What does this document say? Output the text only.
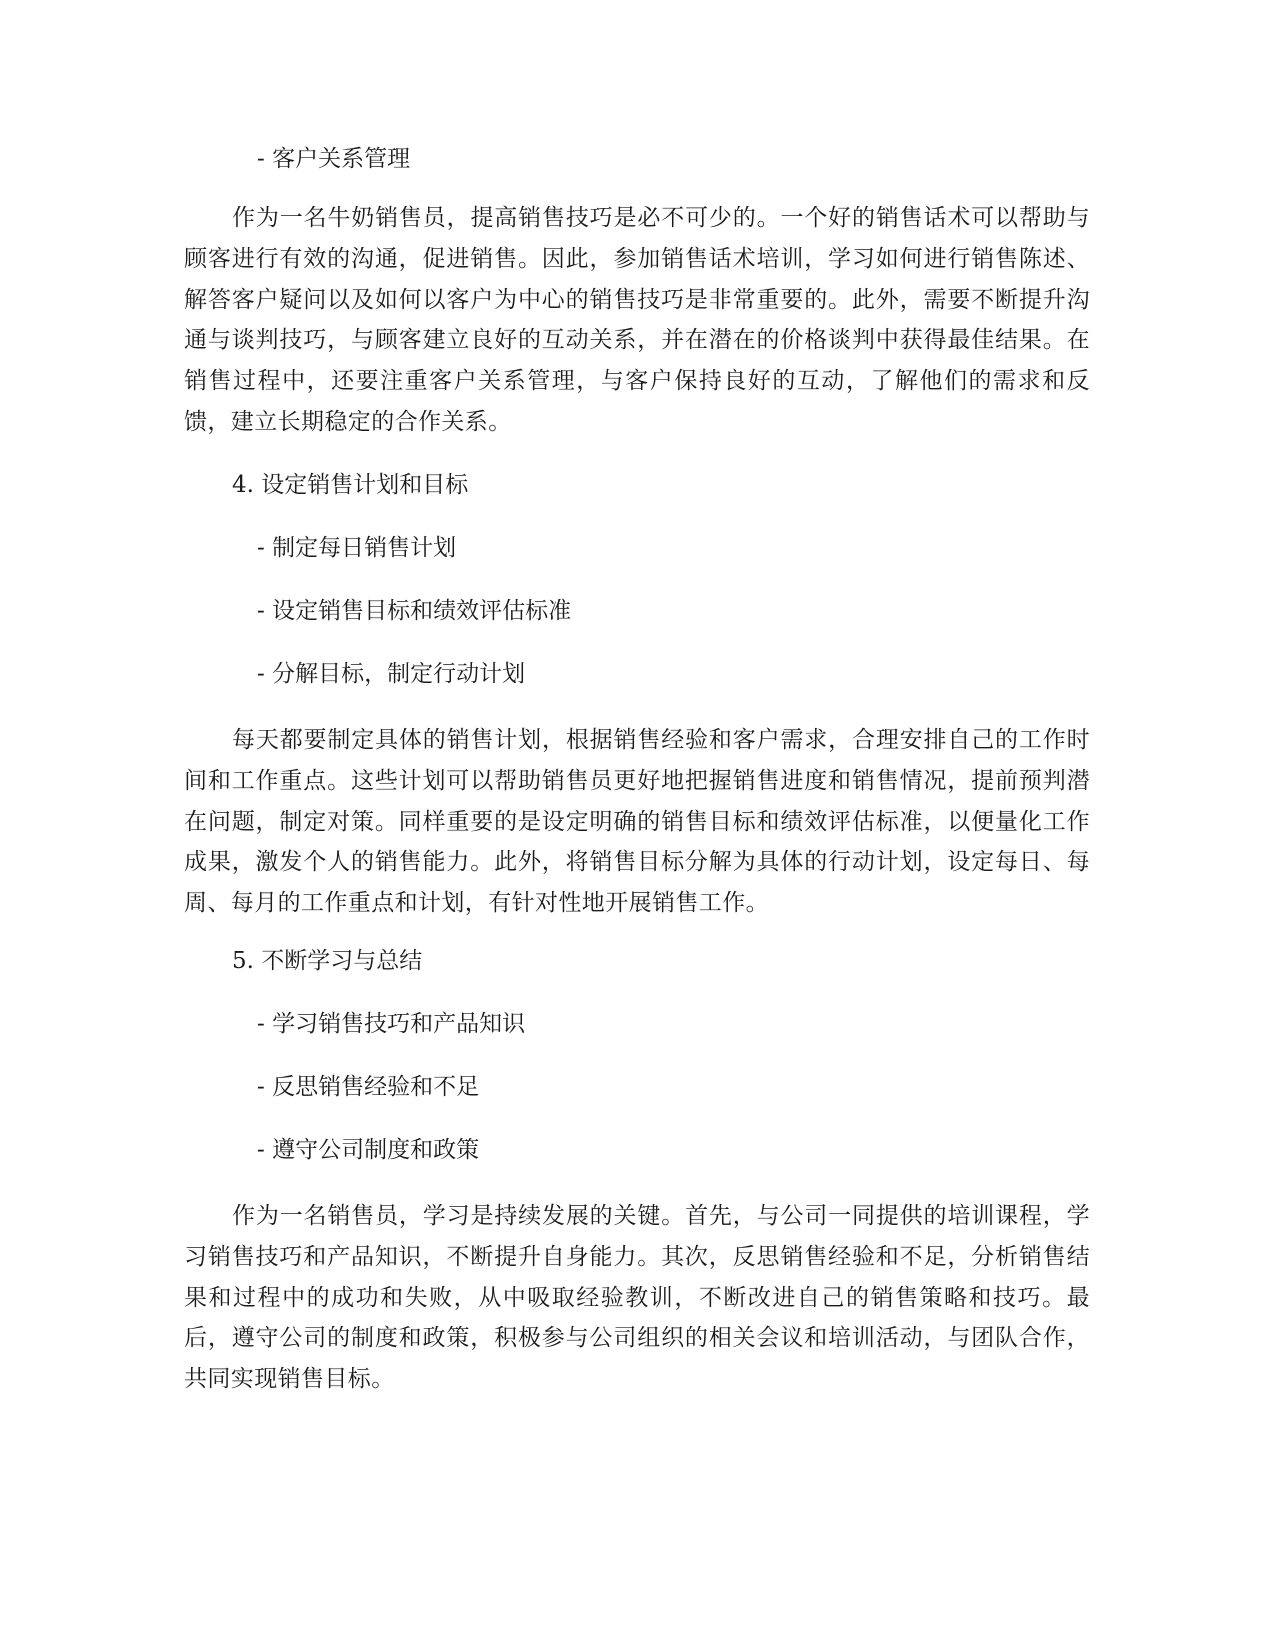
- 客户关系管理
作为一名牛奶销售员，提高销售技巧是必不可少的。一个好的销售话术可以帮助与顾客进行有效的沟通，促进销售。因此，参加销售话术培训，学习如何进行销售陈述、解答客户疑问以及如何以客户为中心的销售技巧是非常重要的。此外，需要不断提升沟通与谈判技巧，与顾客建立良好的互动关系，并在潜在的价格谈判中获得最佳结果。在销售过程中，还要注重客户关系管理，与客户保持良好的互动，了解他们的需求和反馈，建立长期稳定的合作关系。
4. 设定销售计划和目标
- 制定每日销售计划
- 设定销售目标和绩效评估标准
- 分解目标，制定行动计划
每天都要制定具体的销售计划，根据销售经验和客户需求，合理安排自己的工作时间和工作重点。这些计划可以帮助销售员更好地把握销售进度和销售情况，提前预判潜在问题，制定对策。同样重要的是设定明确的销售目标和绩效评估标准，以便量化工作成果，激发个人的销售能力。此外，将销售目标分解为具体的行动计划，设定每日、每周、每月的工作重点和计划，有针对性地开展销售工作。
5. 不断学习与总结
- 学习销售技巧和产品知识
- 反思销售经验和不足
- 遵守公司制度和政策
作为一名销售员，学习是持续发展的关键。首先，与公司一同提供的培训课程，学习销售技巧和产品知识，不断提升自身能力。其次，反思销售经验和不足，分析销售结果和过程中的成功和失败，从中吸取经验教训，不断改进自己的销售策略和技巧。最后，遵守公司的制度和政策，积极参与公司组织的相关会议和培训活动，与团队合作，共同实现销售目标。
